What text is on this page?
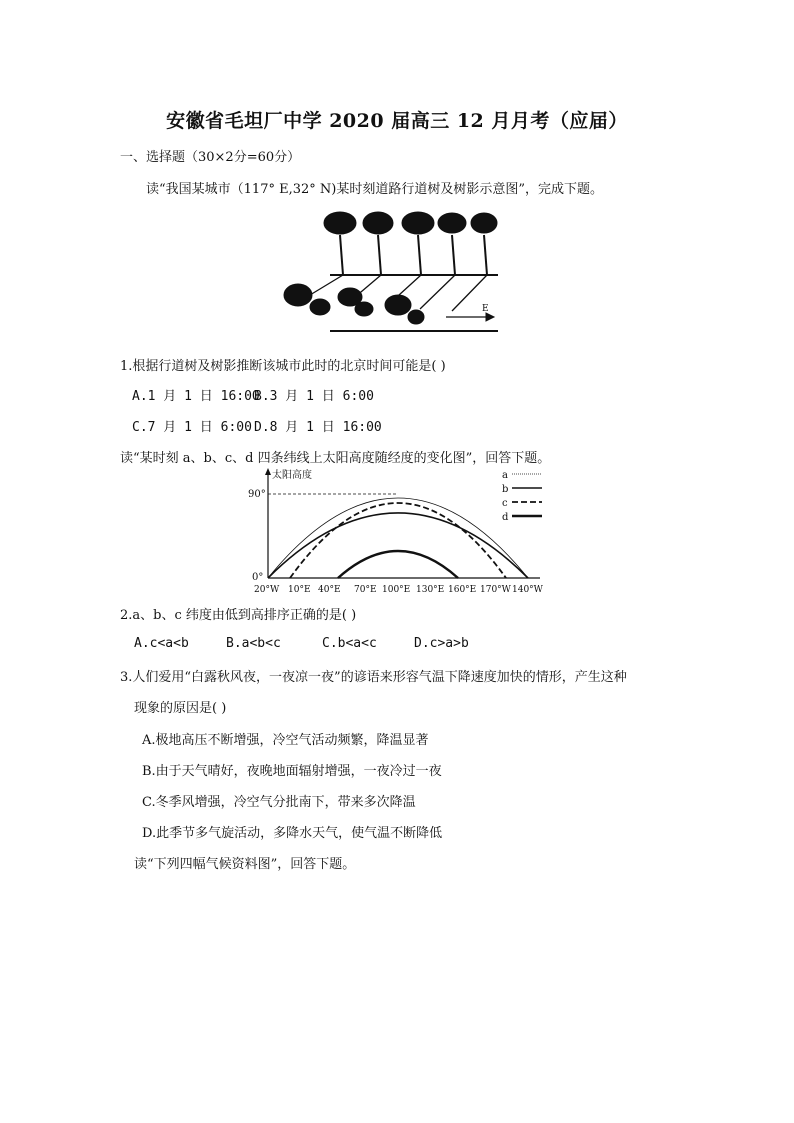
安徽省毛坦厂中学 2020 届高三 12 月月考（应届）
一、选择题（30×2分=60分）
读“我国某城市（117° E,32° N)某时刻道路行道树及树影示意图”，完成下题。
E
1.根据行道树及树影推断该城市此时的北京时间可能是( )
A.1 月 1 日 16:00
B.3 月 1 日 6:00
C.7 月 1 日 6:00 D.8 月 1 日 16:00
读“某时刻 a、b、c、d 四条纬线上太阳高度随经度的变化图”，回答下题。
太阳高度
90°
0°
a
b
c
d
20°W 10°E 40°E 70°E 100°E 130°E 160°E 170°W 140°W
2.a、b、c 纬度由低到高排序正确的是( )
A.c<a<b	B.a<b<c	C.b<a<c	D.c>a>b
3.人们爱用“白露秋风夜，一夜凉一夜”的谚语来形容气温下降速度加快的情形，产生这种
现象的原因是( )
A.极地高压不断增强，冷空气活动频繁，降温显著
B.由于天气晴好，夜晚地面辐射增强，一夜冷过一夜
C.冬季风增强，冷空气分批南下，带来多次降温
D.此季节多气旋活动，多降水天气，使气温不断降低
读“下列四幅气候资料图”，回答下题。
